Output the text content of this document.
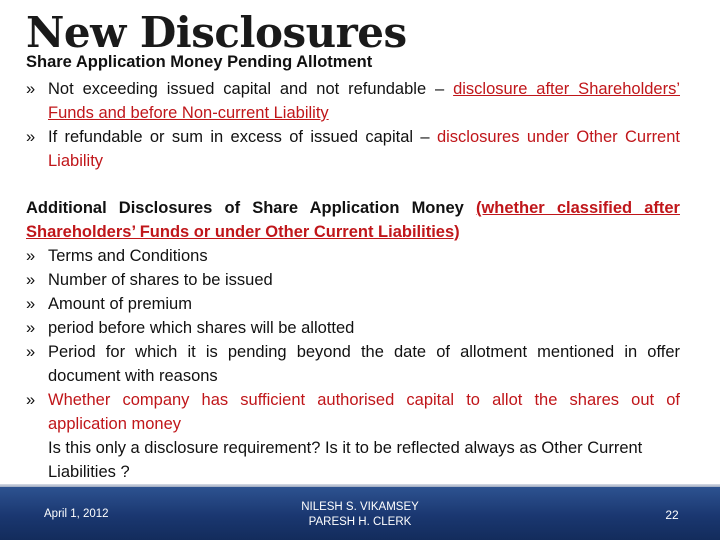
New Disclosures
Share Application Money Pending Allotment
» Not exceeding issued capital and not refundable – disclosure after Shareholders’ Funds and before Non-current Liability
» If refundable or sum in excess of issued capital – disclosures under Other Current Liability
Additional Disclosures of Share Application Money (whether classified after Shareholders’ Funds or under Other Current Liabilities)
» Terms and Conditions
» Number of shares to be issued
» Amount of premium
» period before which shares will be allotted
» Period for which it is pending beyond the date of allotment mentioned in offer document with reasons
» Whether company has sufficient authorised capital to allot the shares out of application money
Is this only a disclosure requirement? Is it to be reflected always as Other Current Liabilities ?
April 1, 2012
NILESH S. VIKAMSEY
PARESH H. CLERK	22
